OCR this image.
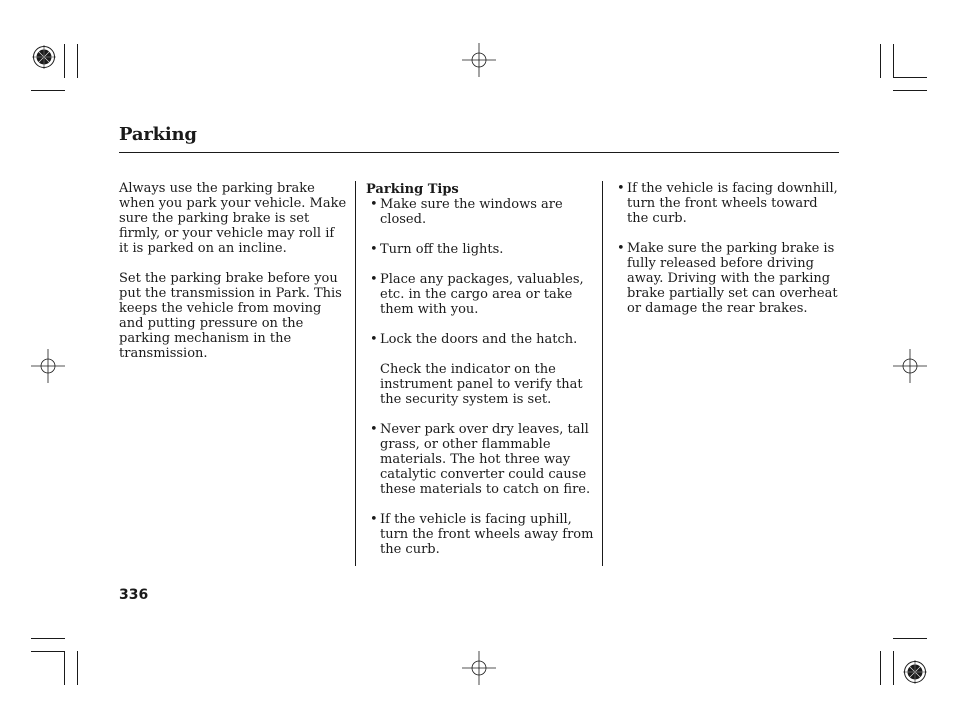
Parking

Always use the parking brake when you park your vehicle. Make sure the parking brake is set firmly, or your vehicle may roll if it is parked on an incline.

Set the parking brake before you put the transmission in Park. This keeps the vehicle from moving and putting pressure on the parking mechanism in the transmission.

Parking Tips

• Make sure the windows are closed.

• Turn off the lights.

• Place any packages, valuables, etc. in the cargo area or take them with you.

• Lock the doors and the hatch.

Check the indicator on the instrument panel to verify that the security system is set.

• Never park over dry leaves, tall grass, or other flammable materials. The hot three way catalytic converter could cause these materials to catch on fire.

• If the vehicle is facing uphill, turn the front wheels away from the curb.

• If the vehicle is facing downhill, turn the front wheels toward the curb.

• Make sure the parking brake is fully released before driving away. Driving with the parking brake partially set can overheat or damage the rear brakes.

336
